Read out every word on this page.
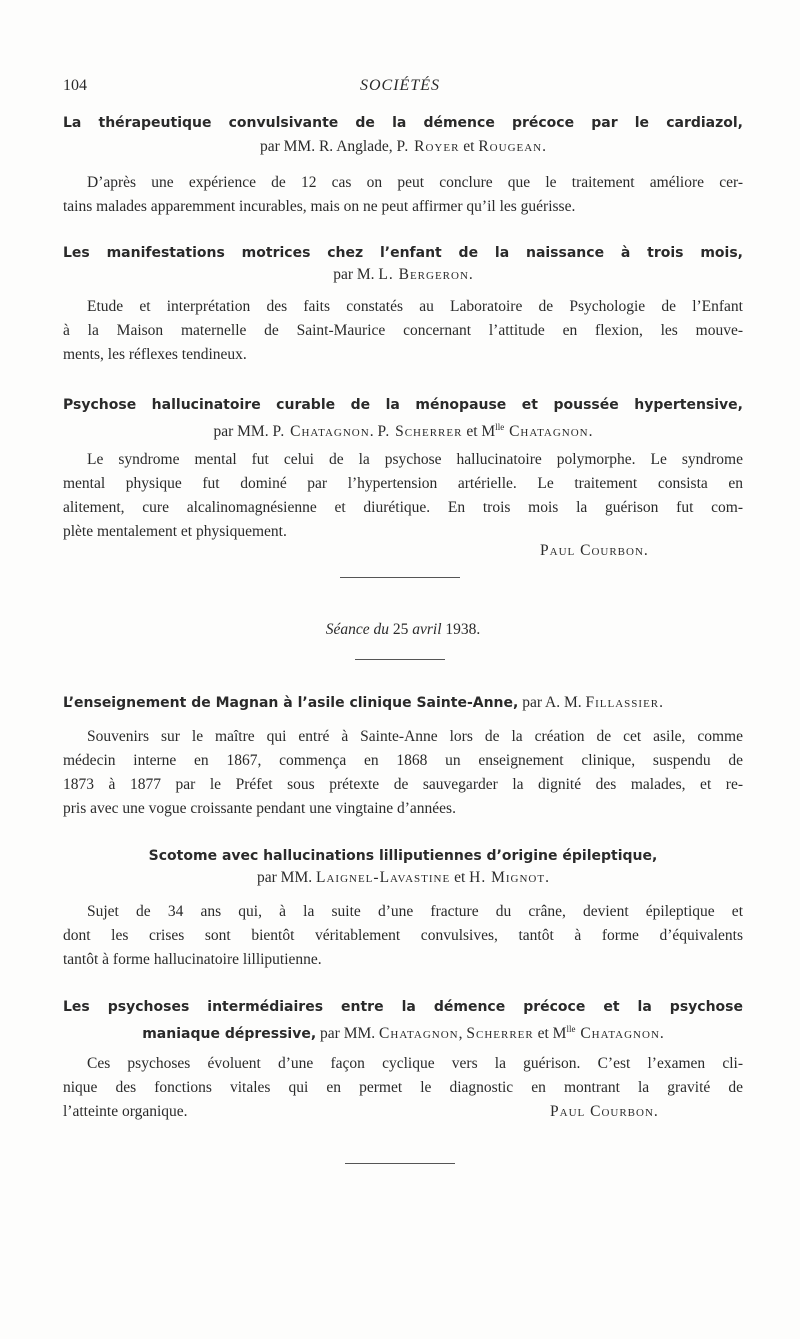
104	SOCIÉTÉS
La thérapeutique convulsivante de la démence précoce par le cardiazol,
par MM. R. Anglade, P. Royer et Rougean.
D’après une expérience de 12 cas on peut conclure que le traitement améliore cer-
tains malades apparemment incurables, mais on ne peut affirmer qu’il les guérisse.
Les manifestations motrices chez l’enfant de la naissance à trois mois,
par M. L. Bergeron.
Etude et interprétation des faits constatés au Laboratoire de Psychologie de l’Enfant
à la Maison maternelle de Saint-Maurice concernant l’attitude en flexion, les mouve-
ments, les réflexes tendineux.
Psychose hallucinatoire curable de la ménopause et poussée hypertensive,
par MM. P. Chatagnon. P. Scherrer et $M^{lle}$ Chatagnon.
Le syndrome mental fut celui de la psychose hallucinatoire polymorphe. Le syndrome
mental physique fut dominé par l’hypertension artérielle. Le traitement consista en
alitement, cure alcalinomagnésienne et diurétique. En trois mois la guérison fut com-
plète mentalement et physiquement.
Paul Courbon.
Séance du 25 avril 1938.
L’enseignement de Magnan à l’asile clinique Sainte-Anne, par A. M. Fillassier.
Souvenirs sur le maître qui entré à Sainte-Anne lors de la création de cet asile, comme
médecin interne en 1867, commença en 1868 un enseignement clinique, suspendu de
1873 à 1877 par le Préfet sous prétexte de sauvegarder la dignité des malades, et re-
pris avec une vogue croissante pendant une vingtaine d’années.
Scotome avec hallucinations lilliputiennes d’origine épileptique,
par MM. Laignel-Lavastine et H. Mignot.
Sujet de 34 ans qui, à la suite d’une fracture du crâne, devient épileptique et
dont les crises sont bientôt véritablement convulsives, tantôt à forme d’équivalents
tantôt à forme hallucinatoire lilliputienne.
Les psychoses intermédiaires entre la démence précoce et la psychose
maniaque dépressive, par MM. Chatagnon, Scherrer et $M^{lle}$ Chatagnon.
Ces psychoses évoluent d’une façon cyclique vers la guérison. C’est l’examen cli-
nique des fonctions vitales qui en permet le diagnostic en montrant la gravité de
l’atteinte organique.	Paul Courbon.
